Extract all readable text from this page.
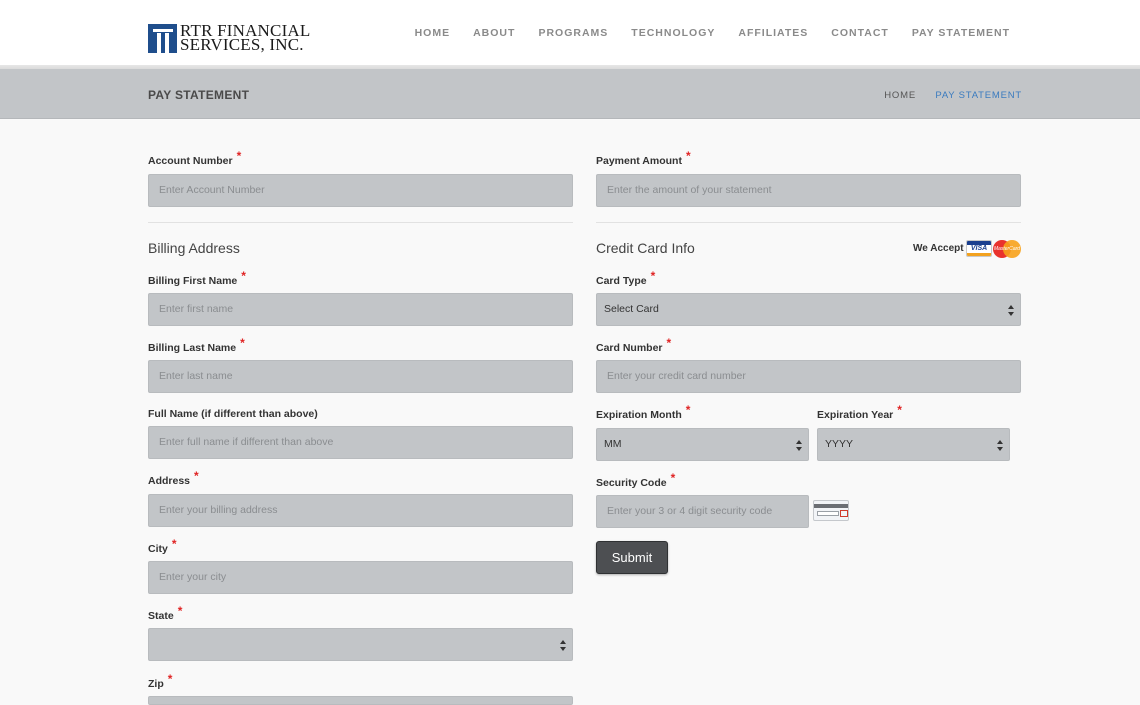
RTR FINANCIAL
SERVICES, INC.
HOME ABOUT PROGRAMS TECHNOLOGY AFFILIATES CONTACT PAY STATEMENT
PAY STATEMENT	HOME PAY STATEMENT
Account Number *
Enter Account Number
Billing Address
Billing First Name *
Enter first name
Billing Last Name *
Enter last name
Full Name (if different than above)
Enter full name if different than above
Address *
Enter your billing address
City *
Enter your city
State *
Zip *
Payment Amount *
Enter the amount of your statement
Credit Card Info	We Accept	VISA	MasterCard
Card Type *
Select Card
Card Number *
Enter your credit card number
Expiration Month *
MM
Expiration Year *
YYYY
Security Code *
Enter your 3 or 4 digit security code
Submit
